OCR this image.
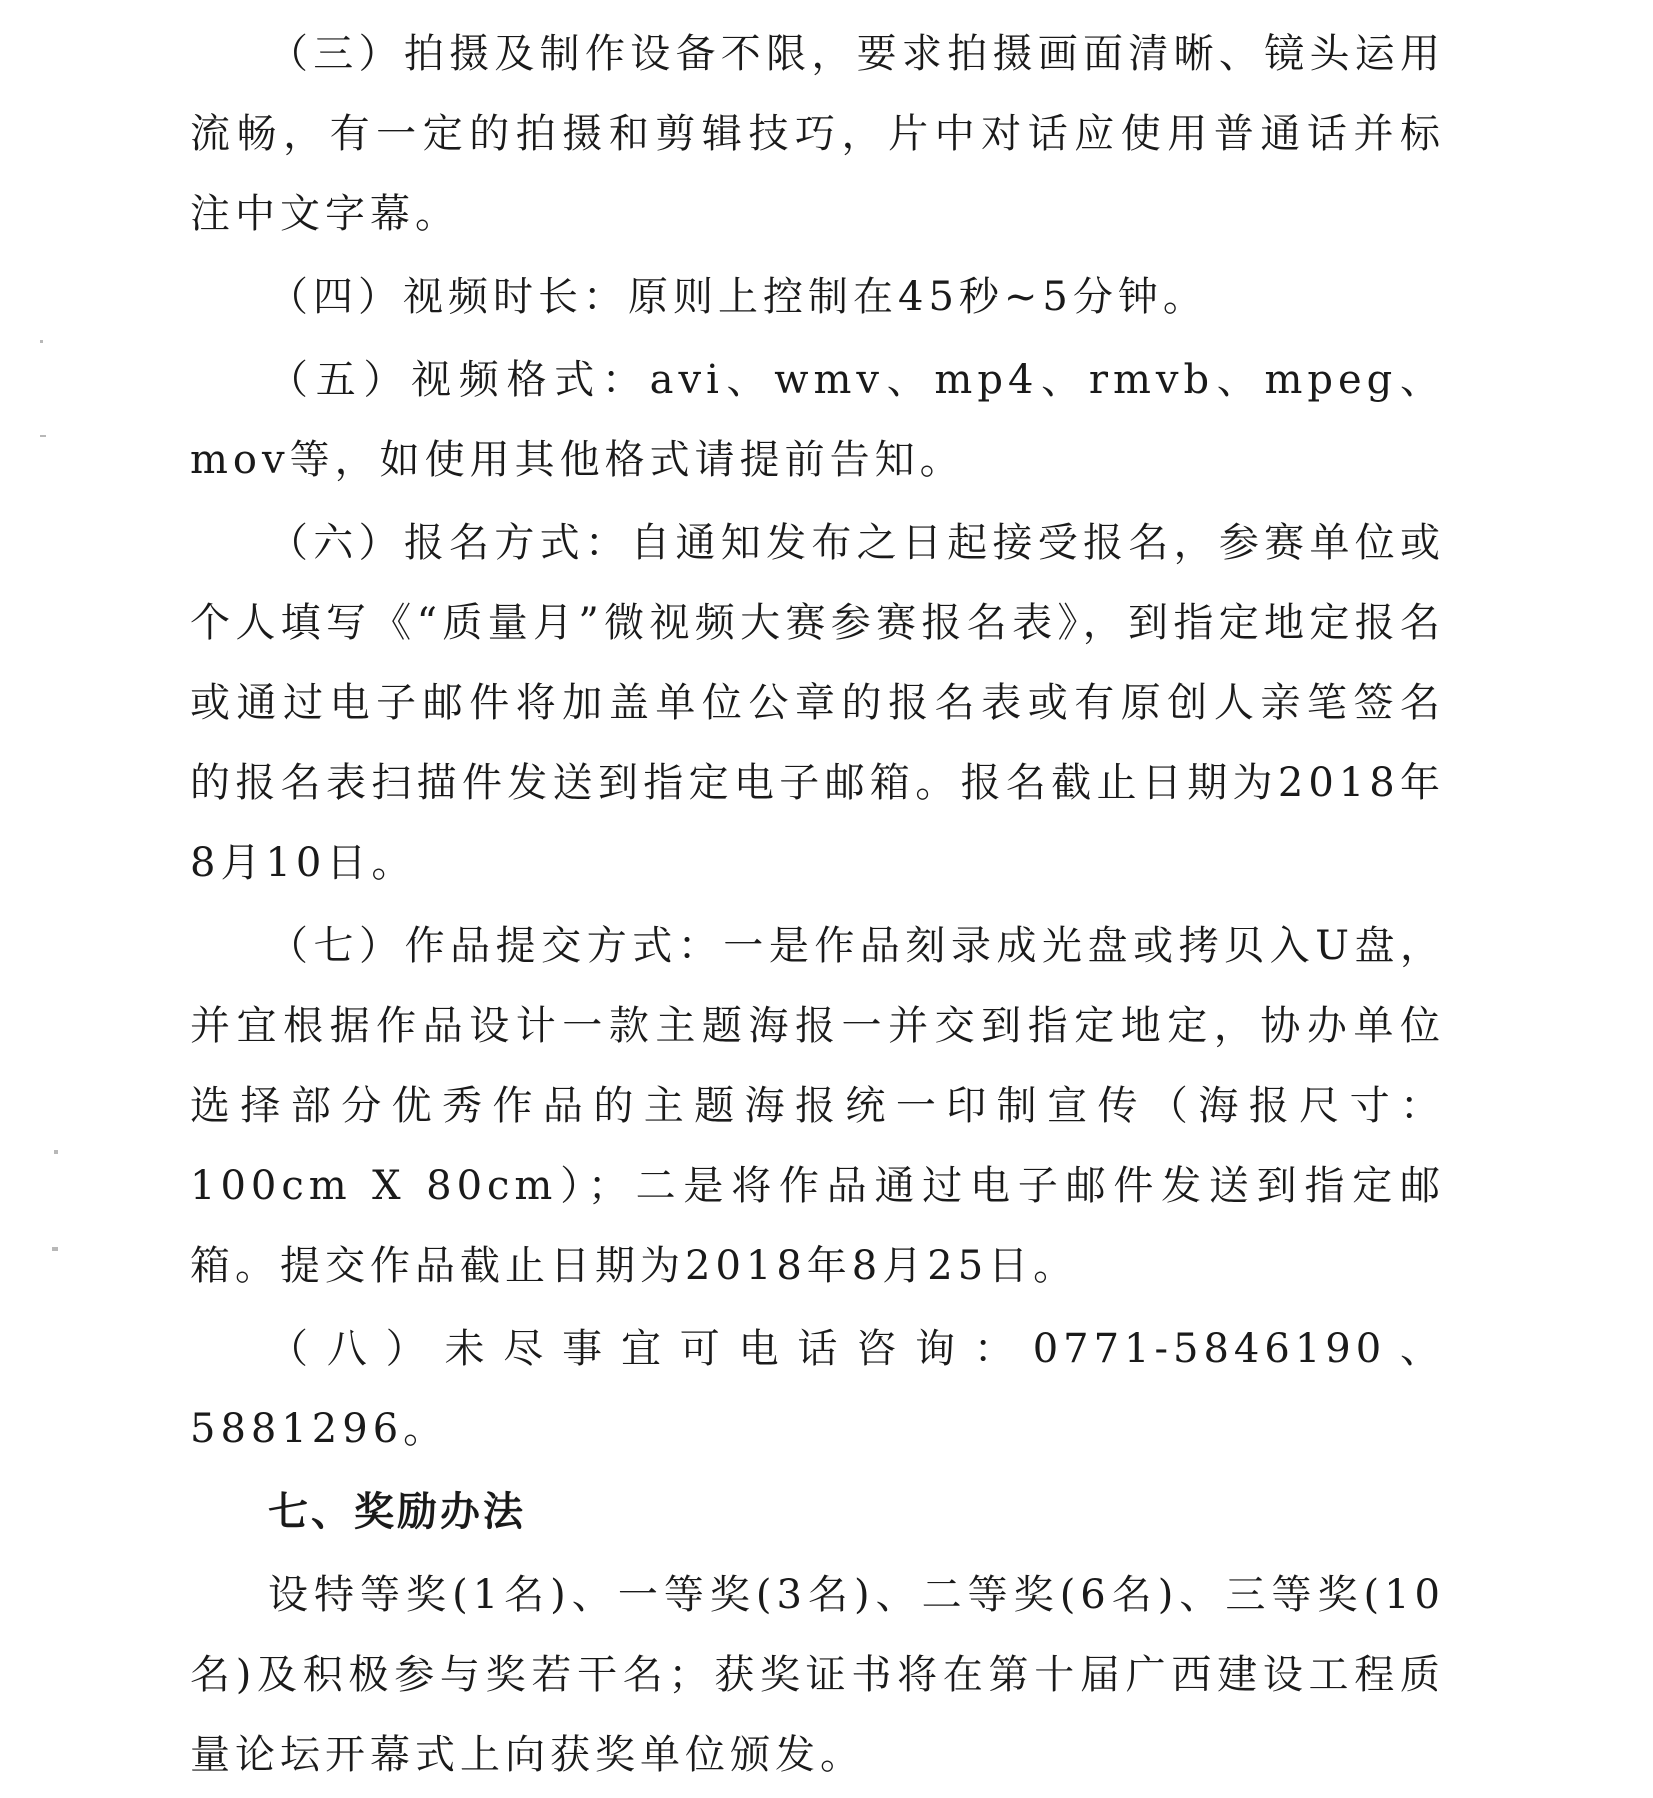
（三）拍摄及制作设备不限，要求拍摄画面清晰、镜头运用流畅，有一定的拍摄和剪辑技巧，片中对话应使用普通话并标注中文字幕。

（四）视频时长：原则上控制在45秒~5分钟。

（五）视频格式：avi、wmv、mp4、rmvb、mpeg、mov等，如使用其他格式请提前告知。

（六）报名方式：自通知发布之日起接受报名，参赛单位或个人填写《“质量月”微视频大赛参赛报名表》，到指定地定报名或通过电子邮件将加盖单位公章的报名表或有原创人亲笔签名的报名表扫描件发送到指定电子邮箱。报名截止日期为2018年8月10日。

（七）作品提交方式：一是作品刻录成光盘或拷贝入U盘，并宜根据作品设计一款主题海报一并交到指定地定，协办单位选择部分优秀作品的主题海报统一印制宣传（海报尺寸：100cm X 80cm）；二是将作品通过电子邮件发送到指定邮箱。提交作品截止日期为2018年8月25日。

（八）未尽事宜可电话咨询：0771-5846190、5881296。

七、奖励办法

设特等奖(1名)、一等奖(3名)、二等奖(6名)、三等奖(10名)及积极参与奖若干名；获奖证书将在第十届广西建设工程质量论坛开幕式上向获奖单位颁发。
